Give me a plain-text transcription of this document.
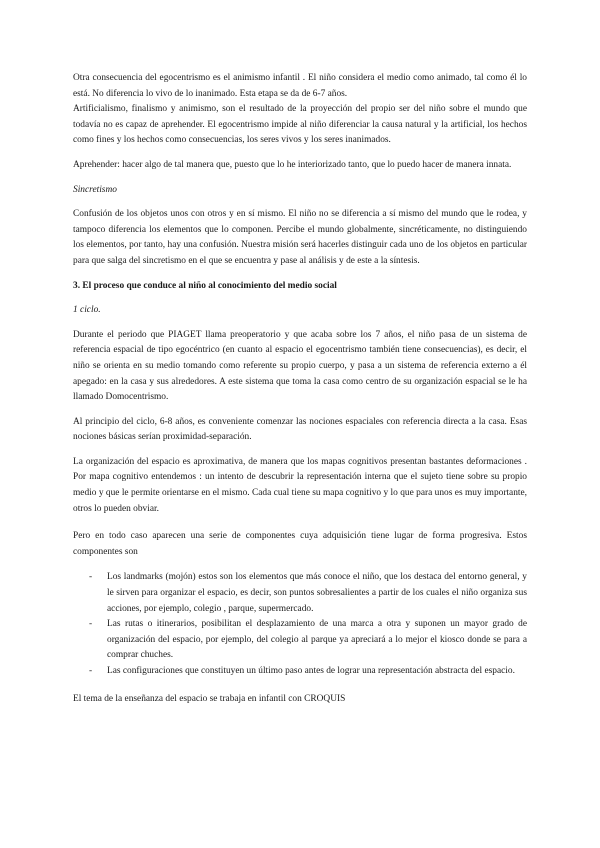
Otra consecuencia del egocentrismo es el animismo infantil . El niño considera el medio como animado, tal como él lo está. No diferencia lo vivo de lo inanimado. Esta etapa se da de 6-7 años.

Artificialismo, finalismo y animismo, son el resultado de la proyección del propio ser del niño sobre el mundo que todavía no es capaz de aprehender. El egocentrismo impide al niño diferenciar la causa natural y la artificial, los hechos como fines y los hechos como consecuencias, los seres vivos y los seres inanimados.

Aprehender: hacer algo de tal manera que, puesto que lo he interiorizado tanto, que lo puedo hacer de manera innata.

Sincretismo

Confusión de los objetos unos con otros y en sí mismo. El niño no se diferencia a sí mismo del mundo que le rodea, y tampoco diferencia los elementos que lo componen. Percibe el mundo globalmente, sincréticamente, no distinguiendo los elementos, por tanto, hay una confusión. Nuestra misión será hacerles distinguir cada uno de los objetos en particular para que salga del sincretismo en el que se encuentra y pase al análisis y de este a la síntesis.

3. El proceso que conduce al niño al conocimiento del medio social

1 ciclo.

Durante el periodo que PIAGET llama preoperatorio y que acaba sobre los 7 años, el niño pasa de un sistema de referencia espacial de tipo egocéntrico (en cuanto al espacio el egocentrismo también tiene consecuencias), es decir, el niño se orienta en su medio tomando como referente su propio cuerpo, y pasa a un sistema de referencia externo a él apegado: en la casa y sus alrededores. A este sistema que toma la casa como centro de su organización espacial se le ha llamado Domocentrismo.

Al principio del ciclo, 6-8 años, es conveniente comenzar las nociones espaciales con referencia directa a la casa. Esas nociones básicas serían proximidad-separación.

La organización del espacio es aproximativa, de manera que los mapas cognitivos presentan bastantes deformaciones . Por mapa cognitivo entendemos : un intento de descubrir la representación interna que el sujeto tiene sobre su propio medio y que le permite orientarse en el mismo. Cada cual tiene su mapa cognitivo y lo que para unos es muy importante, otros lo pueden obviar.

Pero en todo caso aparecen una serie de componentes cuya adquisición tiene lugar de forma progresiva. Estos componentes son

- Los landmarks (mojón) estos son los elementos que más conoce el niño, que los destaca del entorno general, y le sirven para organizar el espacio, es decir, son puntos sobresalientes a partir de los cuales el niño organiza sus acciones, por ejemplo, colegio , parque, supermercado.
- Las rutas o itinerarios, posibilitan el desplazamiento de una marca a otra y suponen un mayor grado de organización del espacio, por ejemplo, del colegio al parque ya apreciará a lo mejor el kiosco donde se para a comprar chuches.
- Las configuraciones que constituyen un último paso antes de lograr una representación abstracta del espacio.

El tema de la enseñanza del espacio se trabaja en infantil con CROQUIS
